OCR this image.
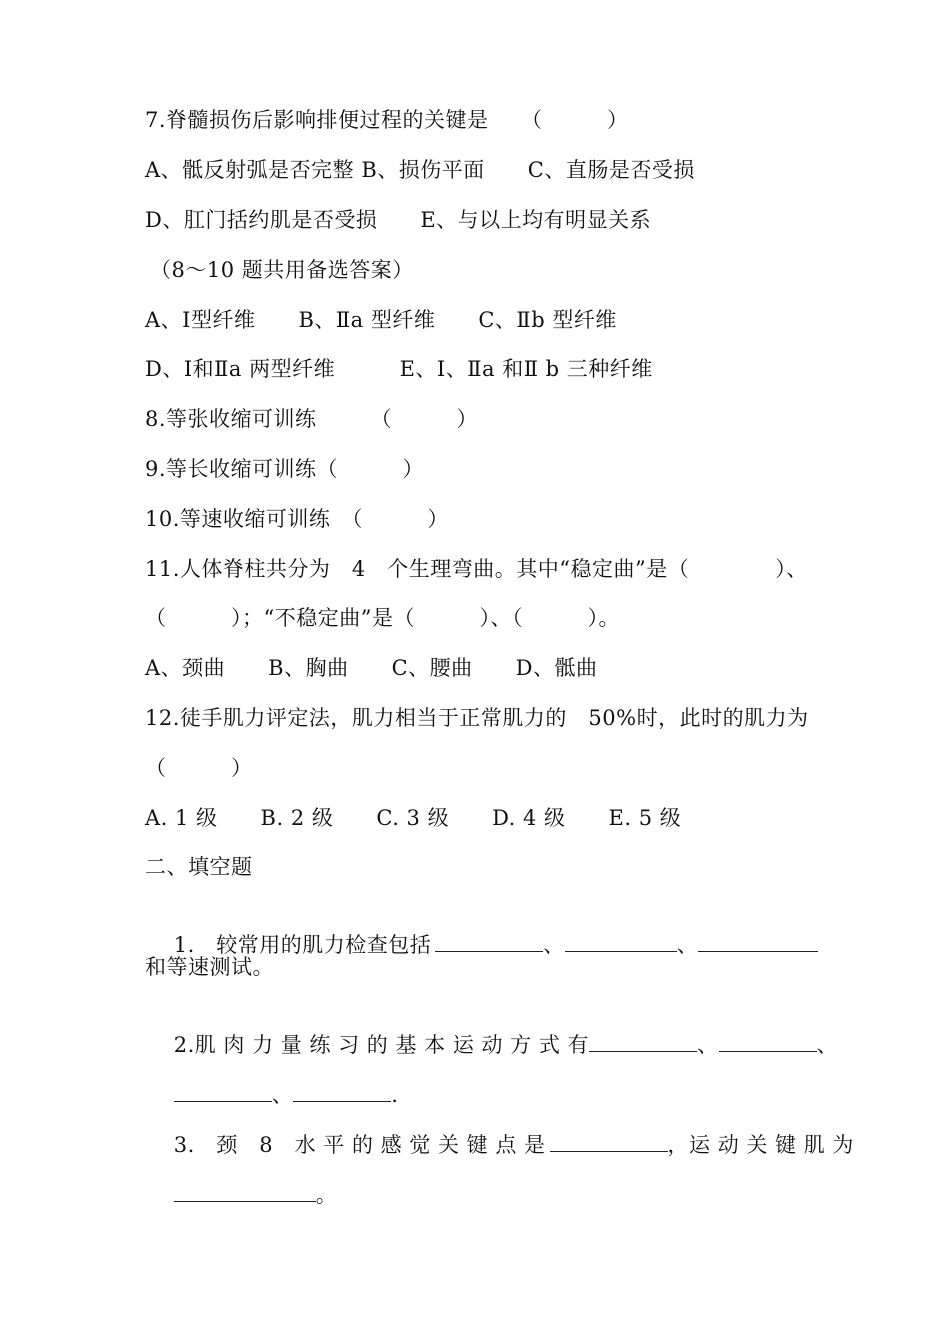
7.脊髓损伤后影响排便过程的关键是　　（　　　）
A、骶反射弧是否完整 B、损伤平面　　C、直肠是否受损
D、肛门括约肌是否受损　　E、与以上均有明显关系
（8～10 题共用备选答案）
A、Ⅰ型纤维　　B、Ⅱa 型纤维　　C、Ⅱb 型纤维
D、Ⅰ和Ⅱa 两型纤维　　　E、Ⅰ、Ⅱa 和Ⅱ b 三种纤维
8.等张收缩可训练　　　（　　　）
9.等长收缩可训练（　　　）
10.等速收缩可训练　（　　　）
11.人体脊柱共分为　4　个生理弯曲。其中“稳定曲”是（　　　　）、
（　　　）；“不稳定曲”是（　　　）、（　　　）。
A、颈曲　　B、胸曲　　C、腰曲　　D、骶曲
12.徒手肌力评定法，肌力相当于正常肌力的　50%时，此时的肌力为
（　　　）
A. 1 级　　B. 2 级　　C. 3 级　　D. 4 级　　E. 5 级
二、填空题

1.　较常用的肌力检查包括	、	、

和等速测试。

2.肌 肉 力 量 练 习 的 基 本 运 动 方 式 有	、	、

、	.

3.　颈　8　水 平 的 感 觉 关 键 点 是	，运 动 关 键 肌 为

。
